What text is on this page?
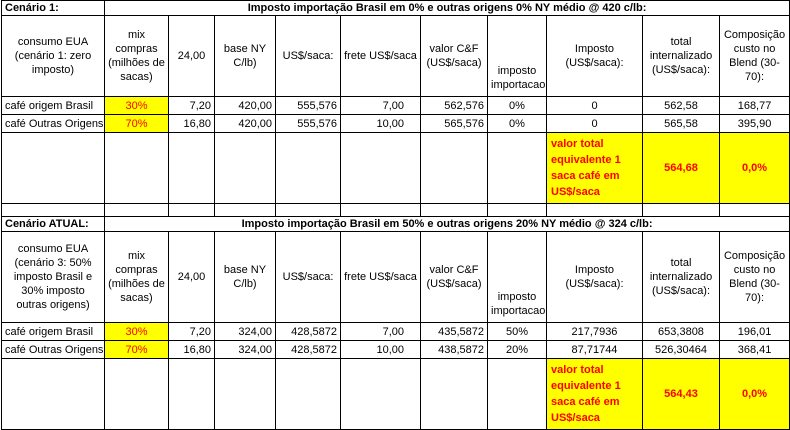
Cenário 1:	Imposto importação Brasil em 0% e outras origens 0% NY médio @ 420 c/lb:									
consumo EUA (cenário 1: zero imposto)	mix compras (milhões de sacas)	24,00	base NY C/lb)	US$/saca:	frete US$/saca	valor C&F (US$/saca)	imposto importacao	Imposto (US$/saca):	total internalizado (US$/saca):	Composição custo no Blend (30-70):
café origem Brasil	30%	7,20	420,00	555,576	7,00	562,576	0%	0	562,58	168,77
café Outras Origens	70%	16,80	420,00	555,576	10,00	565,576	0%	0	565,58	395,90
								valor total equivalente 1 saca café em US$/saca	564,68	0,0%

Cenário ATUAL:	Imposto importação Brasil em 50% e outras origens 20% NY médio @ 324 c/lb:									
consumo EUA (cenário 3: 50% imposto Brasil e 30% imposto outras origens)	mix compras (milhões de sacas)	24,00	base NY C/lb)	US$/saca:	frete US$/saca	valor C&F (US$/saca)	imposto importacao	Imposto (US$/saca):	total internalizado (US$/saca):	Composição custo no Blend (30-70):
café origem Brasil	30%	7,20	324,00	428,5872	7,00	435,5872	50%	217,7936	653,3808	196,01
café Outras Origens	70%	16,80	324,00	428,5872	10,00	438,5872	20%	87,71744	526,30464	368,41
								valor total equivalente 1 saca café em US$/saca	564,43	0,0%
